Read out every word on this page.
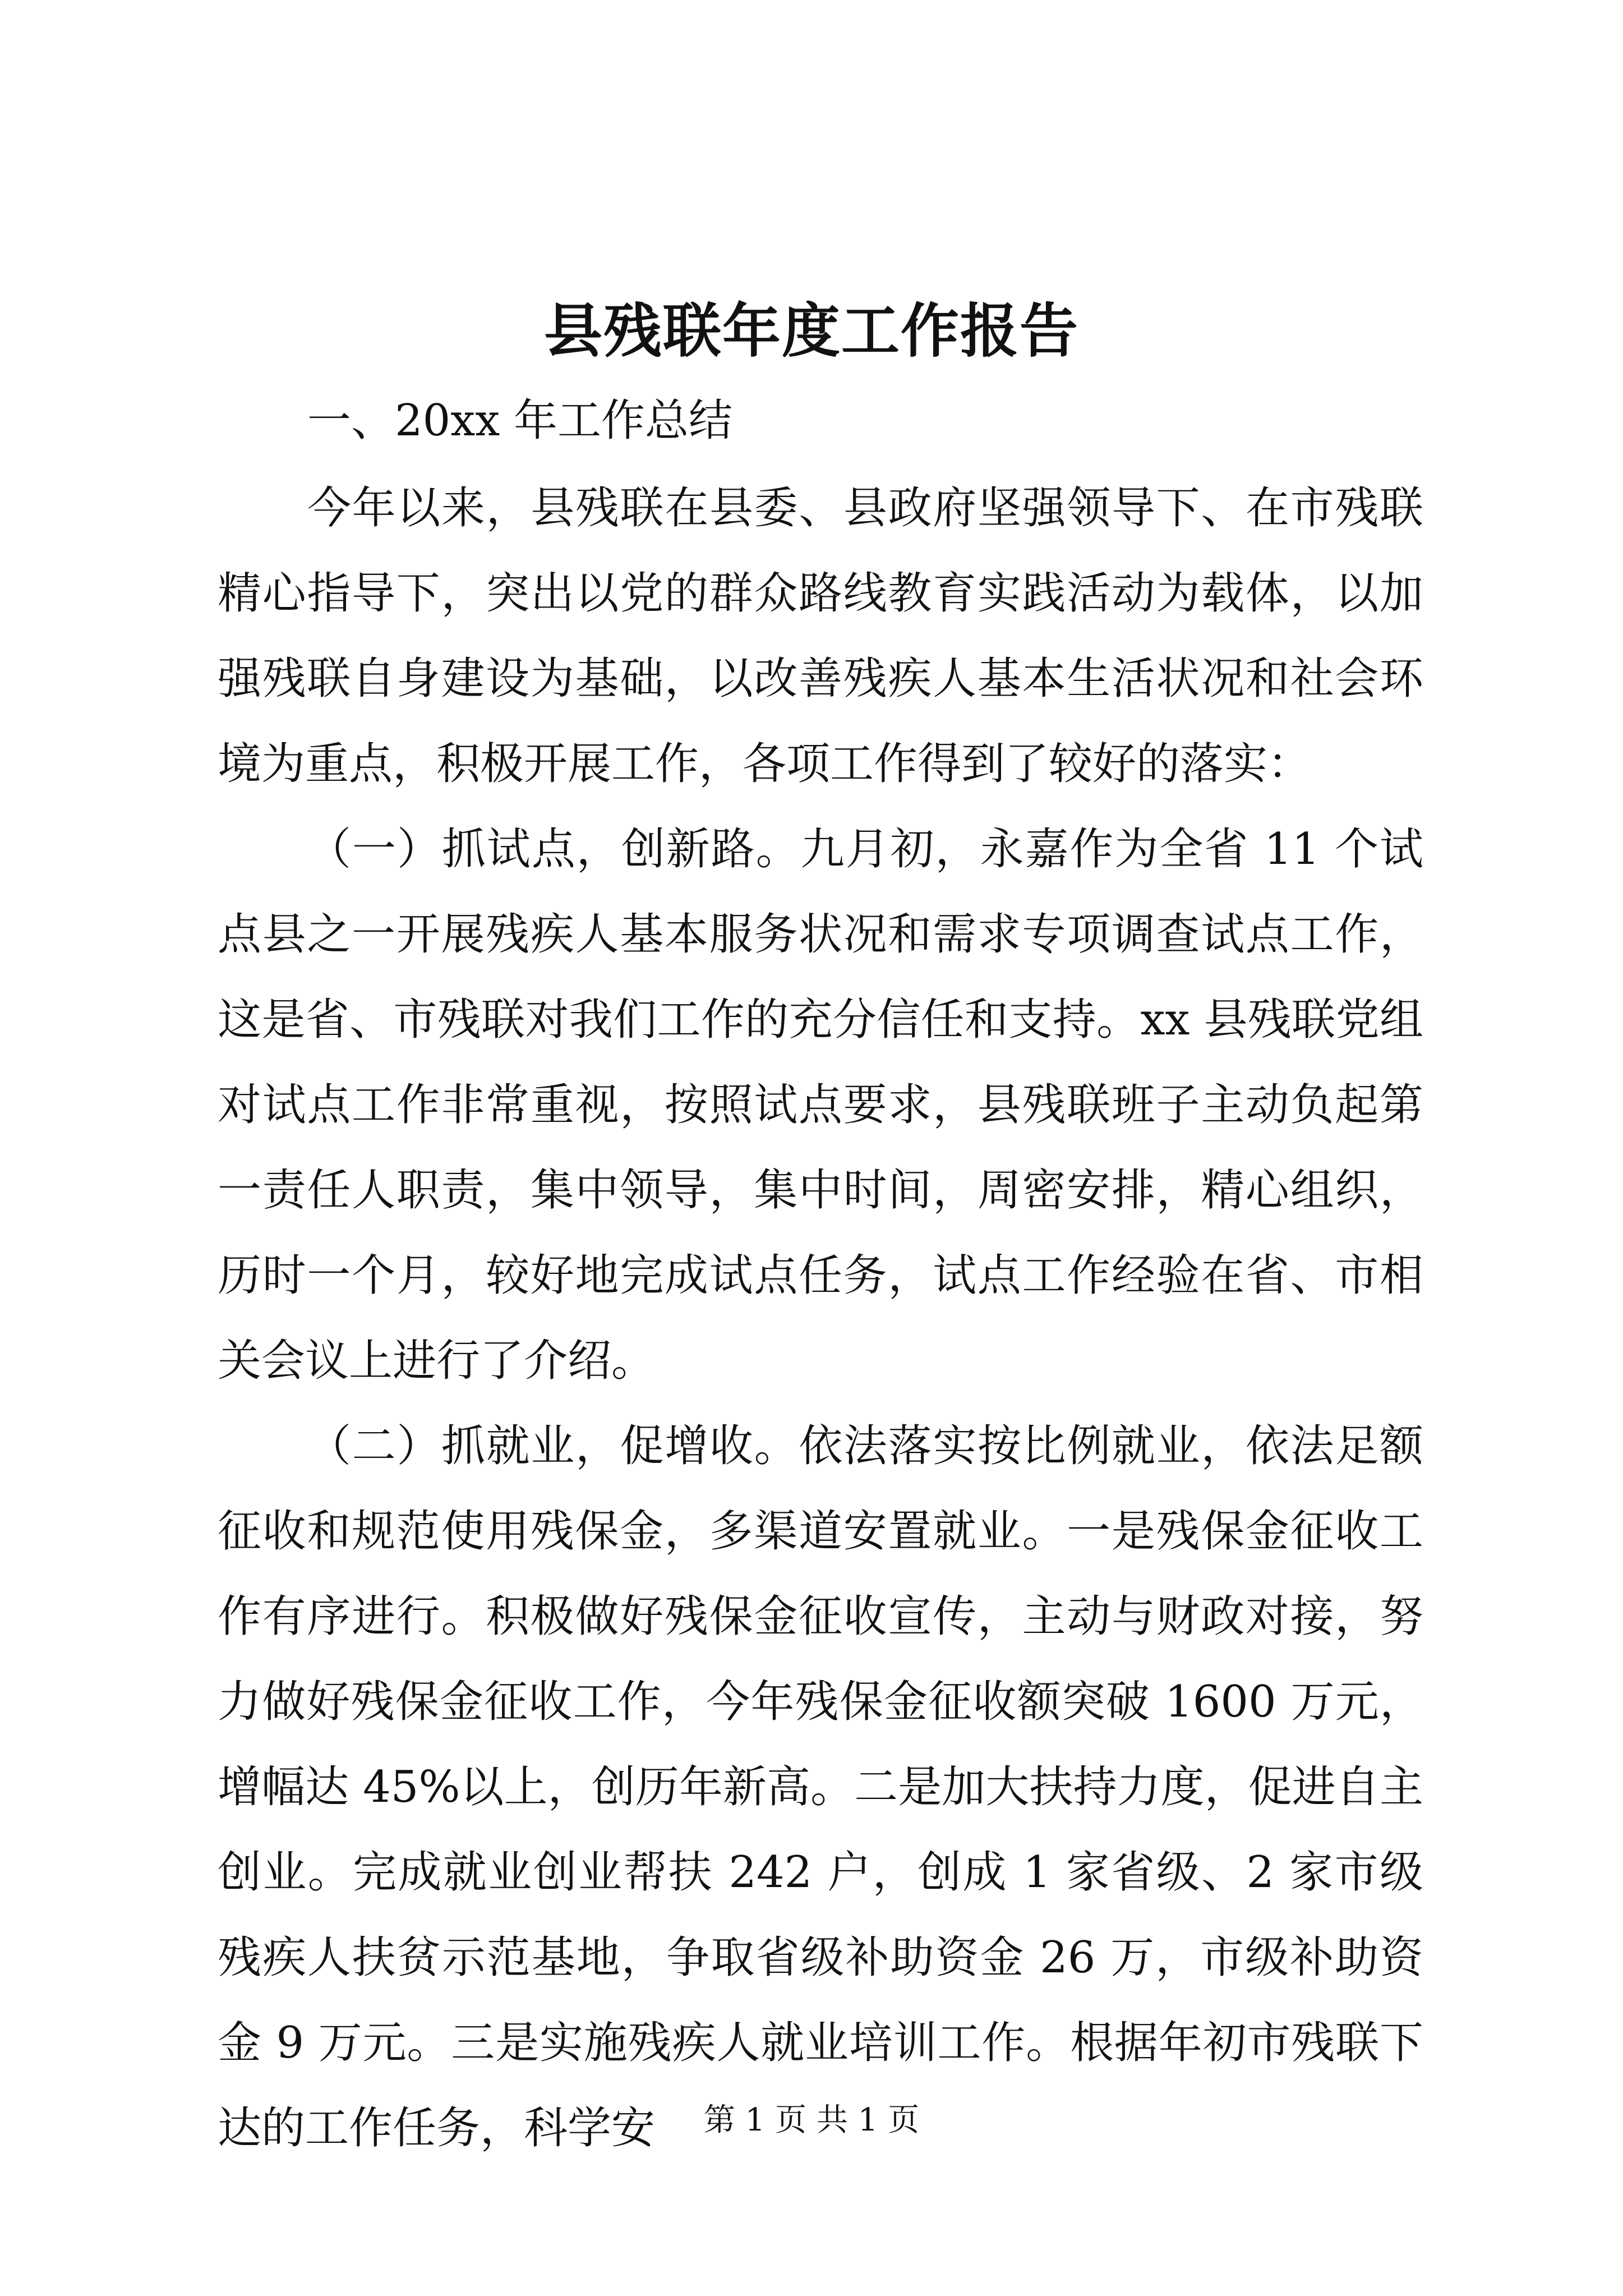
县残联年度工作报告

一、20xx 年工作总结

今年以来，县残联在县委、县政府坚强领导下、在市残联精心指导下，突出以党的群众路线教育实践活动为载体，以加强残联自身建设为基础，以改善残疾人基本生活状况和社会环境为重点，积极开展工作，各项工作得到了较好的落实：

（一）抓试点，创新路。九月初，永嘉作为全省 11 个试点县之一开展残疾人基本服务状况和需求专项调查试点工作，这是省、市残联对我们工作的充分信任和支持。xx 县残联党组对试点工作非常重视，按照试点要求，县残联班子主动负起第一责任人职责，集中领导，集中时间，周密安排，精心组织，历时一个月，较好地完成试点任务，试点工作经验在省、市相关会议上进行了介绍。

（二）抓就业，促增收。依法落实按比例就业，依法足额征收和规范使用残保金，多渠道安置就业。一是残保金征收工作有序进行。积极做好残保金征收宣传，主动与财政对接，努力做好残保金征收工作，今年残保金征收额突破 1600 万元，增幅达 45%以上，创历年新高。二是加大扶持力度，促进自主创业。完成就业创业帮扶 242 户，创成 1 家省级、2 家市级残疾人扶贫示范基地，争取省级补助资金 26 万，市级补助资金 9 万元。三是实施残疾人就业培训工作。根据年初市残联下达的工作任务，科学安	第 1 页 共 1 页
